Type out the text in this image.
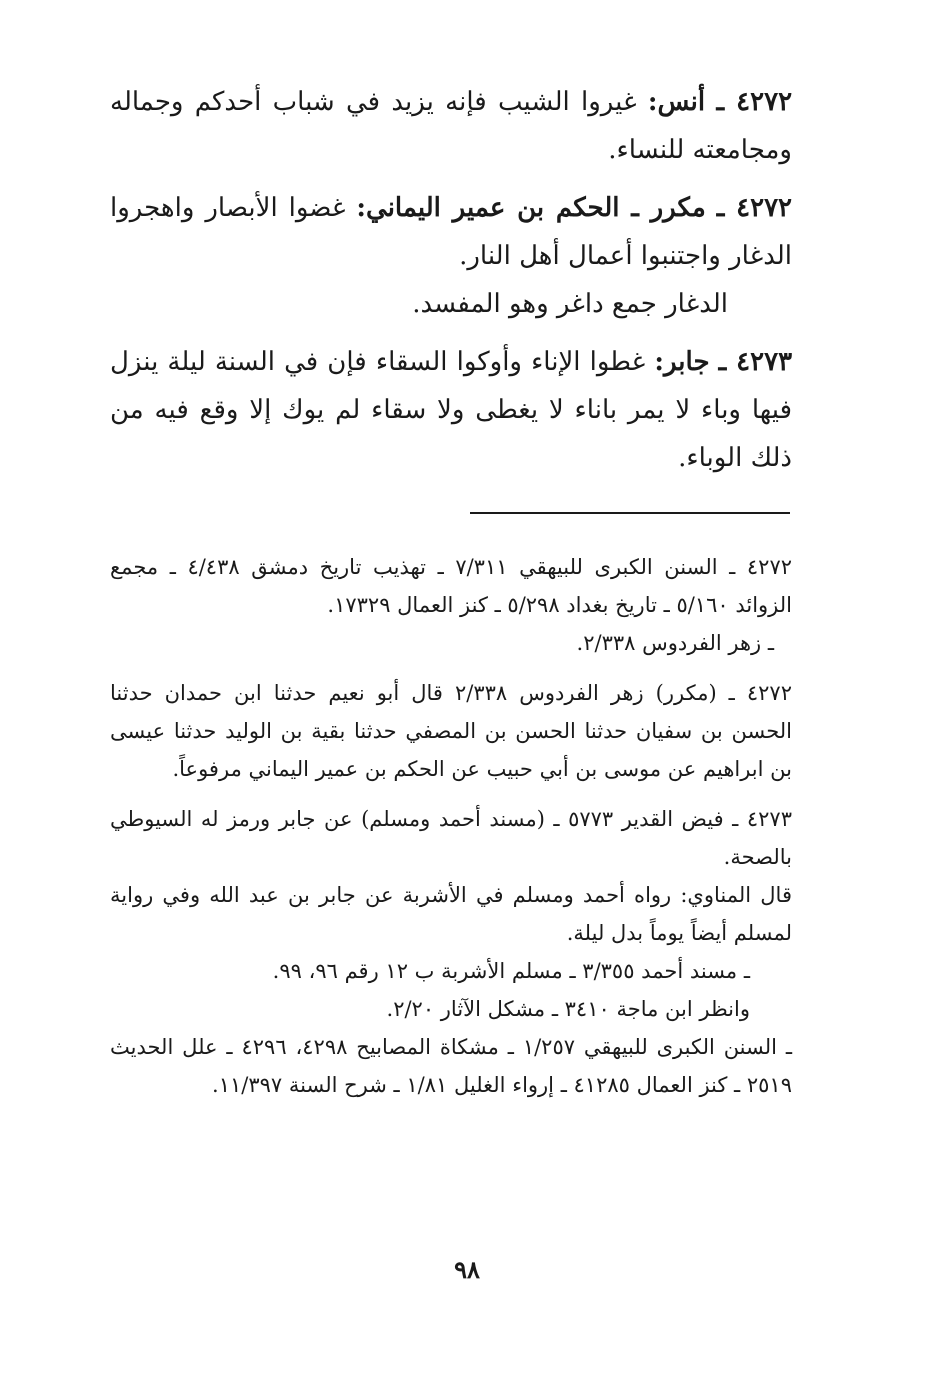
٤٢٧٢ ـ أنس: غيروا الشيب فإنه يزيد في شباب أحدكم وجماله ومجامعته للنساء.

٤٢٧٢ ـ مكرر ـ الحكم بن عمير اليماني: غضوا الأبصار واهجروا الدغار واجتنبوا أعمال أهل النار.
الدغار جمع داغر وهو المفسد.

٤٢٧٣ ـ جابر: غطوا الإناء وأوكوا السقاء فإن في السنة ليلة ينزل فيها وباء لا يمر باناء لا يغطى ولا سقاء لم يوك إلا وقع فيه من ذلك الوباء.

٤٢٧٢ ـ السنن الكبرى للبيهقي ٧/٣١١ ـ تهذيب تاريخ دمشق ٤/٤٣٨ ـ مجمع الزوائد ٥/١٦٠ ـ تاريخ بغداد ٥/٢٩٨ ـ كنز العمال ١٧٣٢٩.
ـ زهر الفردوس ٢/٣٣٨.
٤٢٧٢ ـ (مكرر) زهر الفردوس ٢/٣٣٨ قال أبو نعيم حدثنا ابن حمدان حدثنا الحسن بن سفيان حدثنا الحسن بن المصفي حدثنا بقية بن الوليد حدثنا عيسى بن ابراهيم عن موسى بن أبي حبيب عن الحكم بن عمير اليماني مرفوعاً.
٤٢٧٣ ـ فيض القدير ٥٧٧٣ ـ (مسند أحمد ومسلم) عن جابر ورمز له السيوطي بالصحة.
قال المناوي: رواه أحمد ومسلم في الأشربة عن جابر بن عبد الله وفي رواية لمسلم أيضاً يوماً بدل ليلة.
ـ مسند أحمد ٣/٣٥٥ ـ مسلم الأشربة ب ١٢ رقم ٩٦، ٩٩.
وانظر ابن ماجة ٣٤١٠ ـ مشكل الآثار ٢/٢٠.
ـ السنن الكبرى للبيهقي ١/٢٥٧ ـ مشكاة المصابيح ٤٢٩٨، ٤٢٩٦ ـ علل الحديث ٢٥١٩ ـ كنز العمال ٤١٢٨٥ ـ إرواء الغليل ١/٨١ ـ شرح السنة ١١/٣٩٧.
٩٨
